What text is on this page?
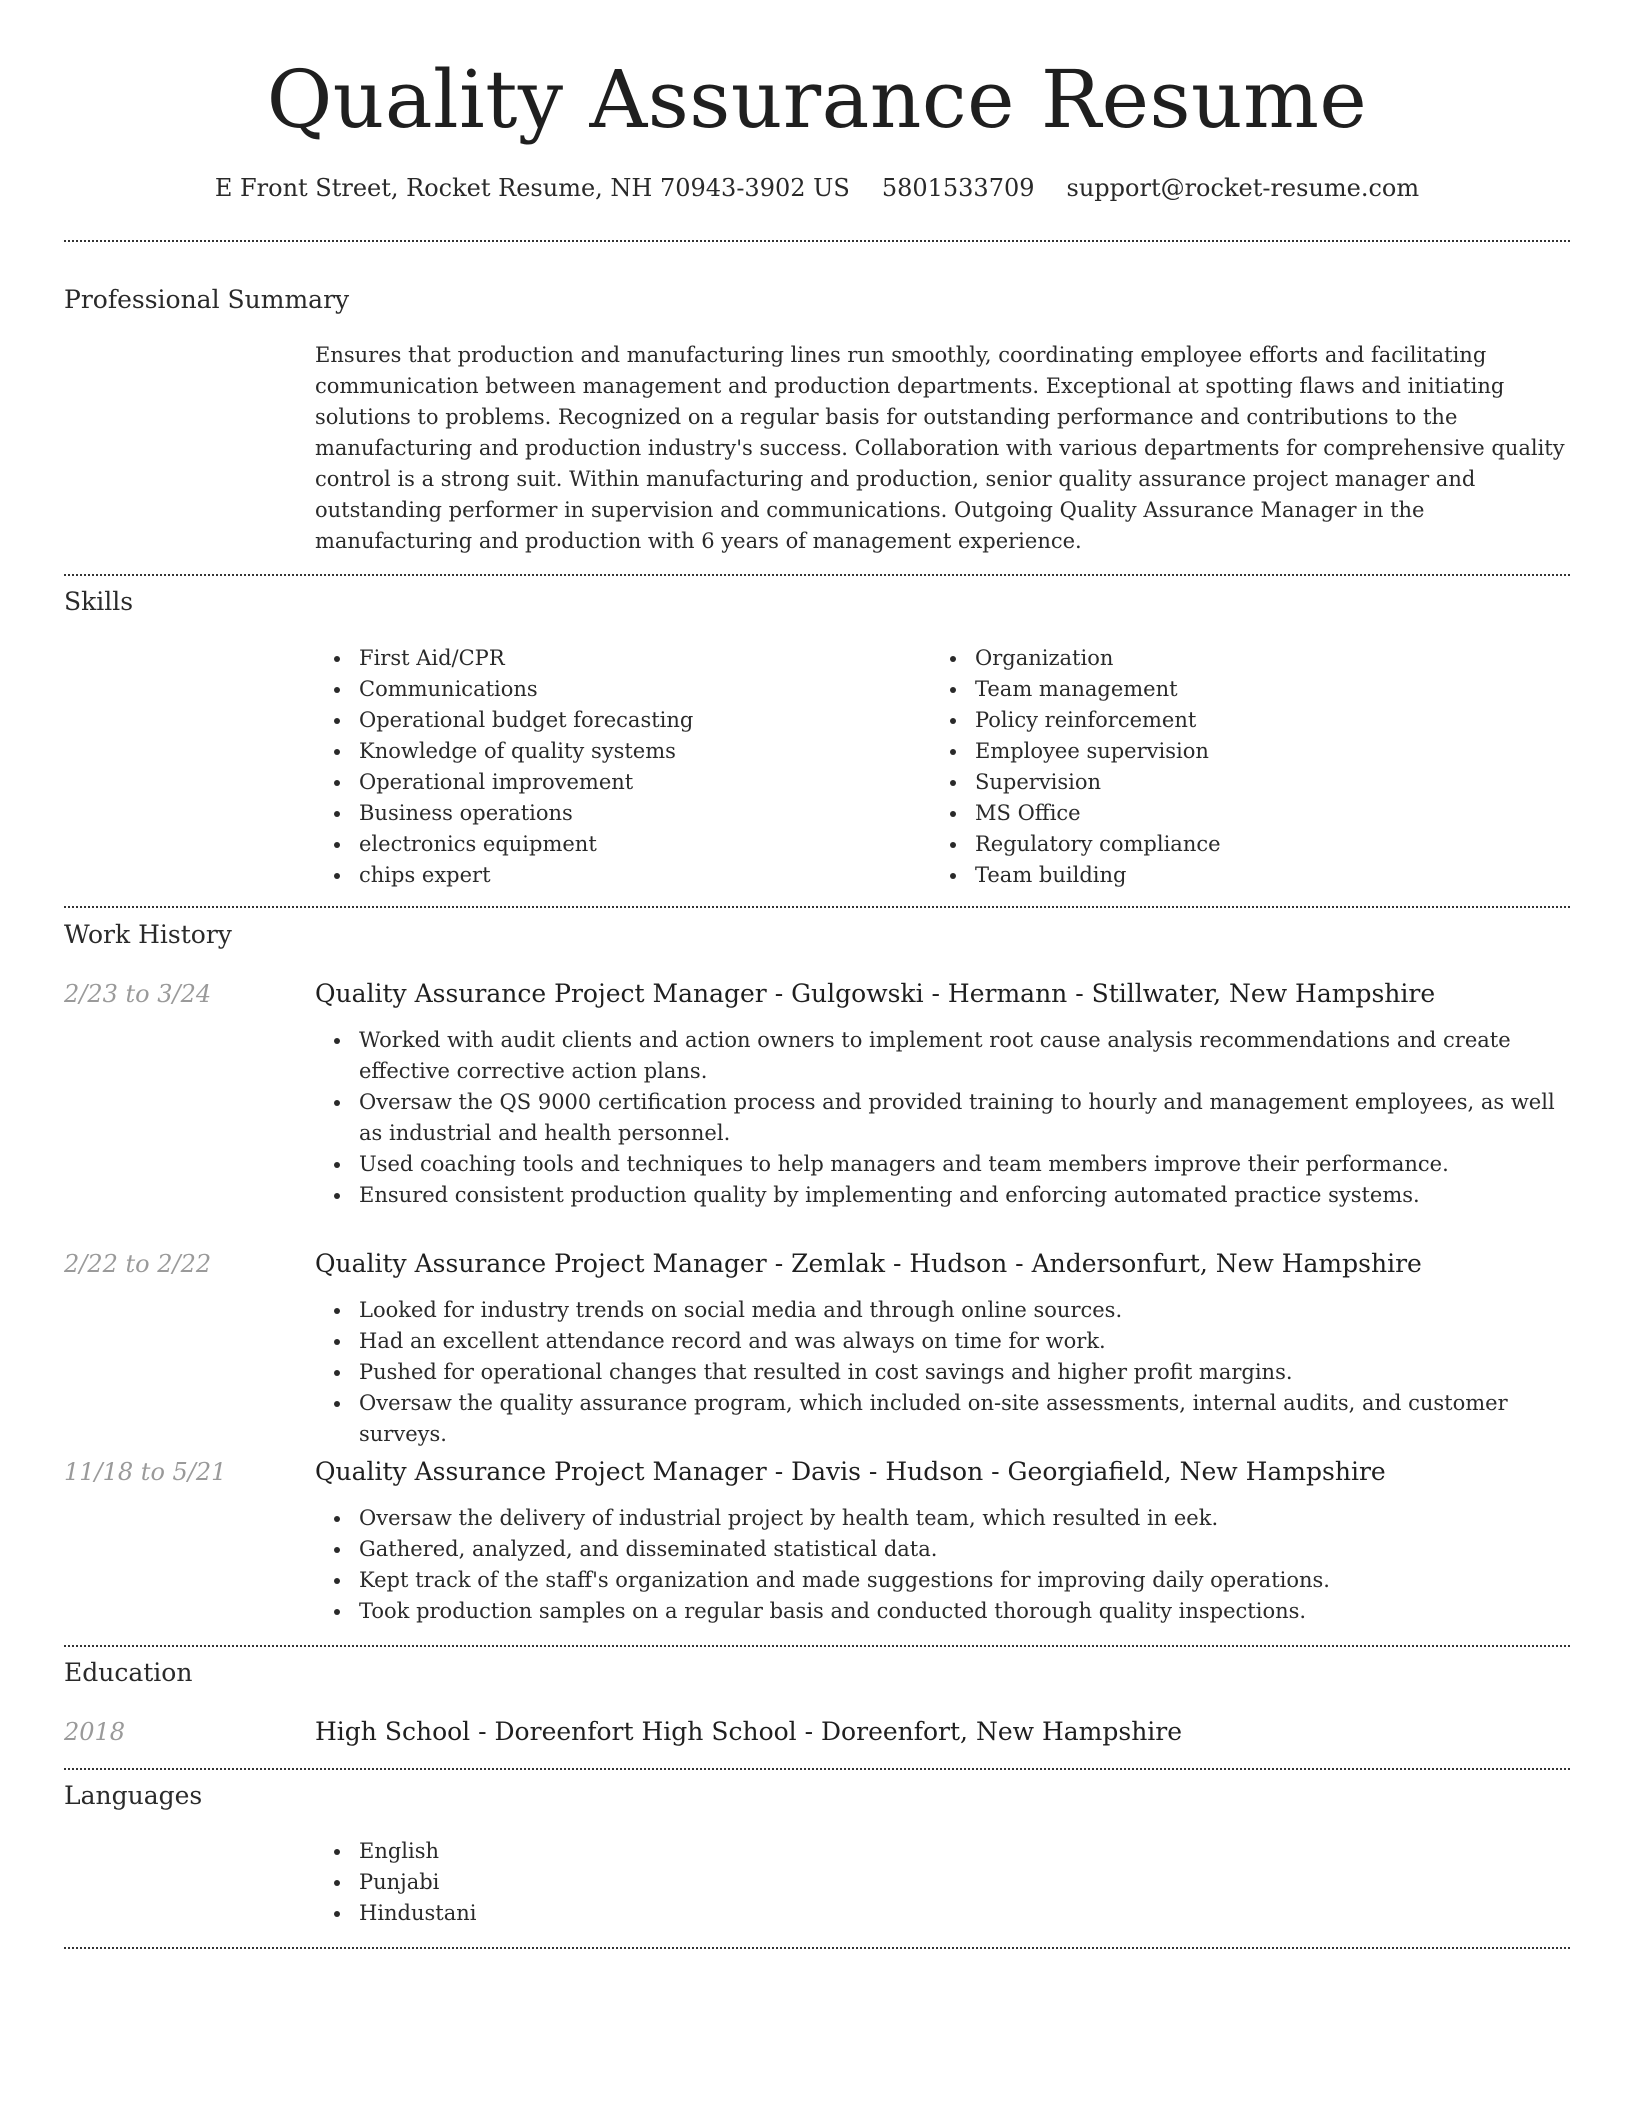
Quality Assurance Resume
E Front Street, Rocket Resume, NH 70943-3902 US 5801533709 support@rocket-resume.com
Professional Summary

Ensures that production and manufacturing lines run smoothly, coordinating employee efforts and facilitating communication between management and production departments. Exceptional at spotting flaws and initiating solutions to problems. Recognized on a regular basis for outstanding performance and contributions to the manufacturing and production industry's success. Collaboration with various departments for comprehensive quality control is a strong suit. Within manufacturing and production, senior quality assurance project manager and outstanding performer in supervision and communications. Outgoing Quality Assurance Manager in the manufacturing and production with 6 years of management experience.

Skills
First Aid/CPR
Communications
Operational budget forecasting
Knowledge of quality systems
Operational improvement
Business operations
electronics equipment
chips expert
Organization
Team management
Policy reinforcement
Employee supervision
Supervision
MS Office
Regulatory compliance
Team building
Work History
2/23 to 3/24	Quality Assurance Project Manager - Gulgowski - Hermann - Stillwater, New Hampshire
Worked with audit clients and action owners to implement root cause analysis recommendations and create effective corrective action plans.
Oversaw the QS 9000 certification process and provided training to hourly and management employees, as well as industrial and health personnel.
Used coaching tools and techniques to help managers and team members improve their performance.
Ensured consistent production quality by implementing and enforcing automated practice systems.
2/22 to 2/22	Quality Assurance Project Manager - Zemlak - Hudson - Andersonfurt, New Hampshire
Looked for industry trends on social media and through online sources.
Had an excellent attendance record and was always on time for work.
Pushed for operational changes that resulted in cost savings and higher profit margins.
Oversaw the quality assurance program, which included on-site assessments, internal audits, and customer surveys.
11/18 to 5/21	Quality Assurance Project Manager - Davis - Hudson - Georgiafield, New Hampshire
Oversaw the delivery of industrial project by health team, which resulted in eek.
Gathered, analyzed, and disseminated statistical data.
Kept track of the staff's organization and made suggestions for improving daily operations.
Took production samples on a regular basis and conducted thorough quality inspections.
Education
2018	High School - Doreenfort High School - Doreenfort, New Hampshire
Languages
English
Punjabi
Hindustani
